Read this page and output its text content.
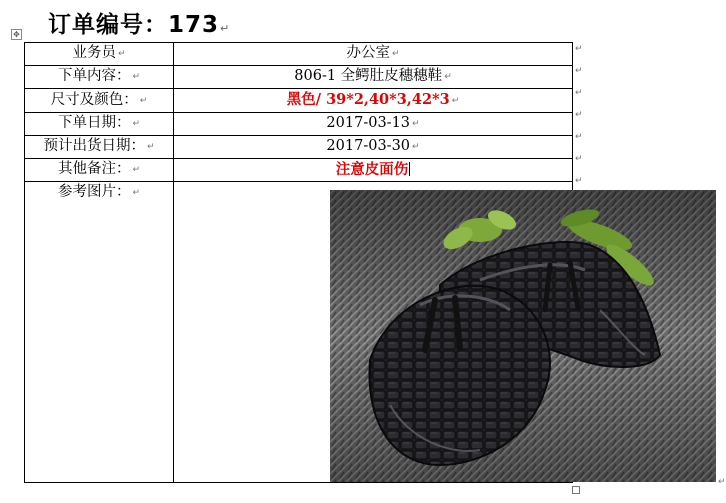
订单编号：173↵
✥
业务员 ↵	办公室 ↵
下单内容： ↵	806-1 全鳄肚皮穗穗鞋 ↵
尺寸及颜色： ↵	黑色/ 39*2,40*3,42*3 ↵
下单日期： ↵	2017-03-13 ↵
预计出货日期： ↵	2017-03-30 ↵
其他备注： ↵	注意皮面伤
参考图片： ↵	↵
↵
↵
↵
↵
↵
↵
↵
